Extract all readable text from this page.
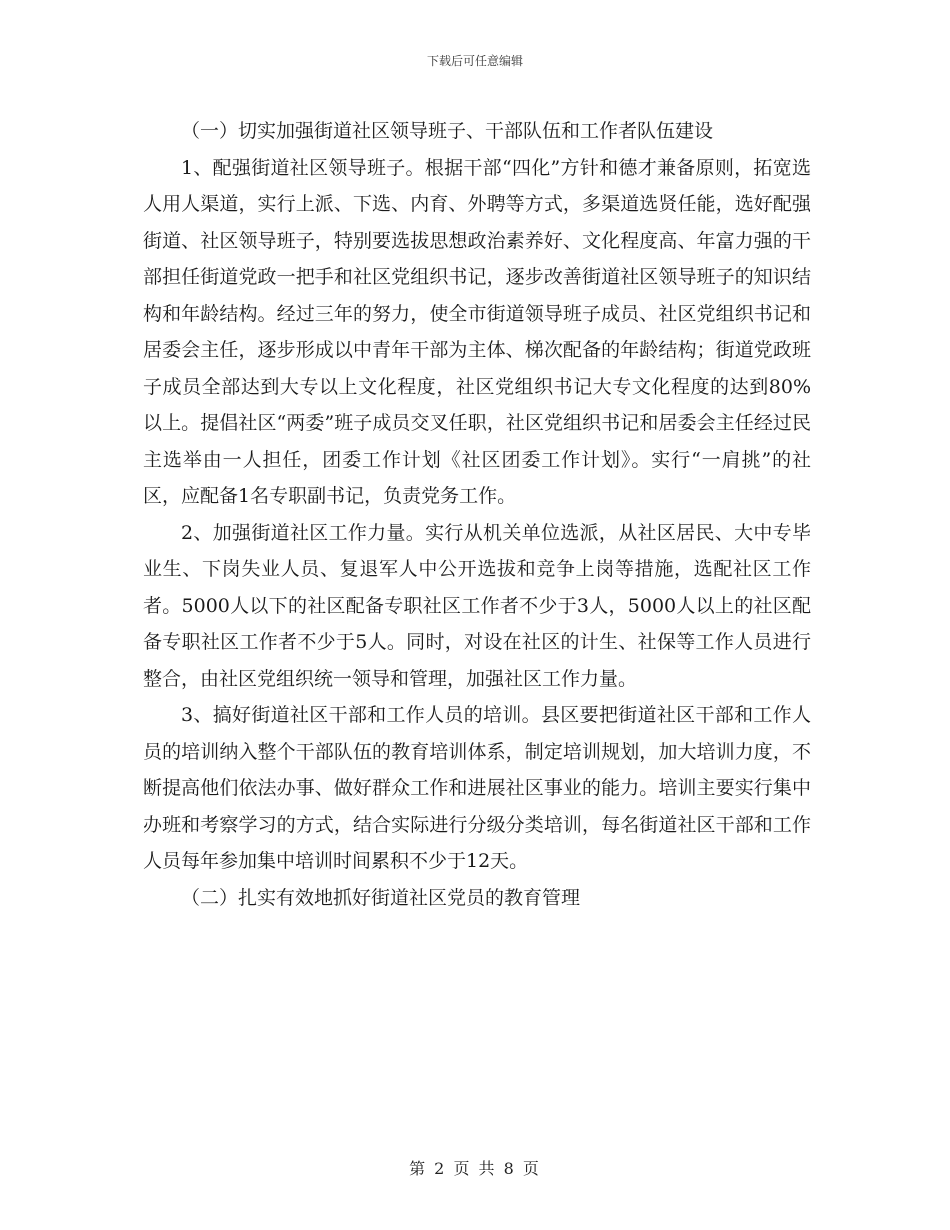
下载后可任意编辑

（一）切实加强街道社区领导班子、干部队伍和工作者队伍建设

1、配强街道社区领导班子。根据干部“四化”方针和德才兼备原则，拓宽选人用人渠道，实行上派、下选、内育、外聘等方式，多渠道选贤任能，选好配强街道、社区领导班子，特别要选拔思想政治素养好、文化程度高、年富力强的干部担任街道党政一把手和社区党组织书记，逐步改善街道社区领导班子的知识结构和年龄结构。经过三年的努力，使全市街道领导班子成员、社区党组织书记和居委会主任，逐步形成以中青年干部为主体、梯次配备的年龄结构；街道党政班子成员全部达到大专以上文化程度，社区党组织书记大专文化程度的达到80%以上。提倡社区“两委”班子成员交叉任职，社区党组织书记和居委会主任经过民主选举由一人担任，团委工作计划《社区团委工作计划》。实行“一肩挑”的社区，应配备1名专职副书记，负责党务工作。

2、加强街道社区工作力量。实行从机关单位选派，从社区居民、大中专毕业生、下岗失业人员、复退军人中公开选拔和竞争上岗等措施，选配社区工作者。5000人以下的社区配备专职社区工作者不少于3人，5000人以上的社区配备专职社区工作者不少于5人。同时，对设在社区的计生、社保等工作人员进行整合，由社区党组织统一领导和管理，加强社区工作力量。

3、搞好街道社区干部和工作人员的培训。县区要把街道社区干部和工作人员的培训纳入整个干部队伍的教育培训体系，制定培训规划，加大培训力度，不断提高他们依法办事、做好群众工作和进展社区事业的能力。培训主要实行集中办班和考察学习的方式，结合实际进行分级分类培训，每名街道社区干部和工作人员每年参加集中培训时间累积不少于12天。

（二）扎实有效地抓好街道社区党员的教育管理

第 2 页 共 8 页
